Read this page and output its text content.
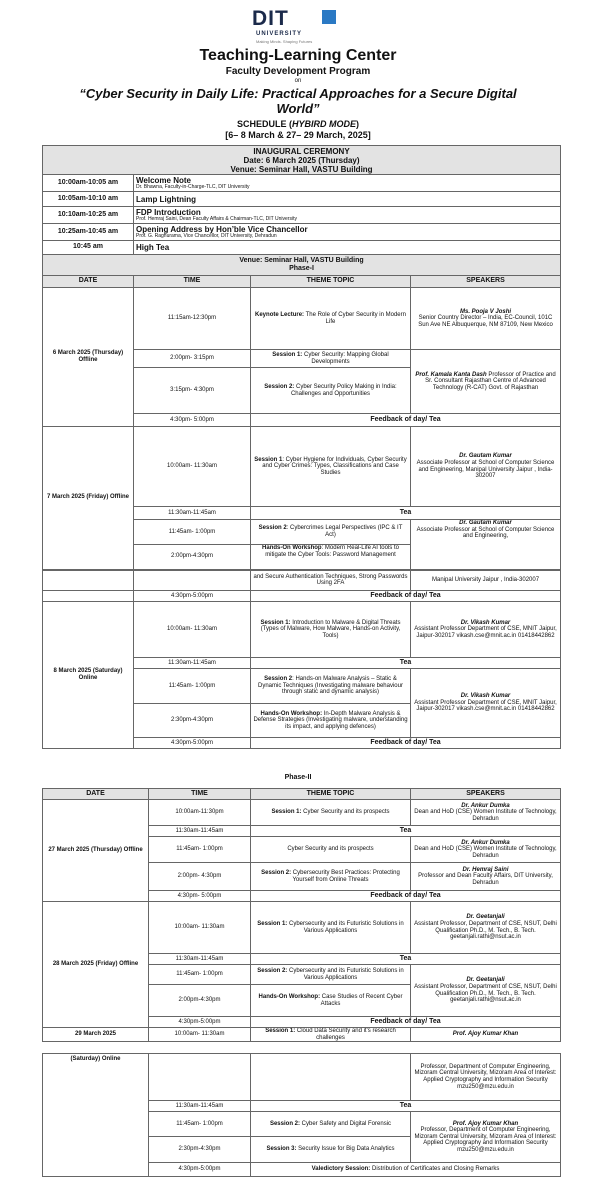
DIT
UNIVERSITY
Making Minds. Shaping Futures
Teaching-Learning Center
Faculty Development Program
on
“Cyber Security in Daily Life: Practical Approaches for a Secure Digital World”
SCHEDULE (HYBIRD MODE)
[6– 8 March & 27– 29 March, 2025]
INAUGURAL CEREMONY
Date: 6 March 2025 (Thursday)
Venue: Seminar Hall, VASTU Building			

10:00am-10:05 am	Welcome Note
Dr. Bhawna, Faculty-in-Charge-TLC, DIT University		

10:05am-10:10 am	Lamp Lightning		

10:10am-10:25 am	FDP Introduction
Prof. Hemraj Saini, Dean Faculty Affairs & Chairman-TLC, DIT University		

10:25am-10:45 am	Opening Address by Hon’ble Vice Chancellor
Prof. G. Raghurama, Vice Chancellor, DIT University, Dehradun		

10:45 am	High Tea		

Venue: Seminar Hall, VASTU Building
Phase-I			

DATE	TIME	THEME TOPIC	SPEAKERS
6 March 2025 (Thursday) Offline	11:15am-12:30pm	Keynote Lecture: The Role of Cyber Security in Modern Life	Ms. Pooja V Joshi
Senior Country Director – India, EC-Council, 101C Sun Ave NE Albuquerque, NM 87109, New Mexico

	2:00pm- 3:15pm	Session 1: Cyber Security: Mapping Global Developments	Prof. Kamala Kanta Dash Professor of Practice and Sr. Consultant Rajasthan Centre of Advanced Technology (R-CAT) Govt. of Rajasthan
	3:15pm- 4:30pm	Session 2: Cyber Security Policy Making in India: Challenges and Opportunities	
	4:30pm- 5:00pm	Feedback of day/ Tea	
7 March 2025 (Friday) Offline	10:00am- 11:30am	Session 1: Cyber Hygiene for Individuals, Cyber Security and Cyber Crimes: Types, Classifications and Case Studies	Dr. Gautam Kumar
Associate Professor at School of Computer Science and Engineering, Manipal University Jaipur , India-302007

	11:30am-11:45am	Tea	
	11:45am- 1:00pm	Session 2: Cybercrimes Legal Perspectives (IPC & IT Act)	Dr. Gautam Kumar
Associate Professor at School of Computer Science and Engineering,

	2:00pm-4:30pm	Hands-On Workshop: Modern Real-Life AI tools to mitigate the Cyber Tools: Password Management	
		and Secure Authentication Techniques, Strong Passwords Using 2FA	Manipal University Jaipur , India-302007
	4:30pm-5:00pm	Feedback of day/ Tea	
8 March 2025 (Saturday) Online	10:00am- 11:30am	Session 1: Introduction to Malware & Digital Threats (Types of Malware, How Malware, Hands-on Activity, Tools)	Dr. Vikash Kumar
Assistant Professor Department of CSE, MNIT Jaipur, Jaipur-302017 vikash.cse@mnit.ac.in 01418442862

	11:30am-11:45am	Tea	
	11:45am- 1:00pm	Session 2: Hands-on Malware Analysis – Static & Dynamic Techniques (Investigating malware behaviour through static and dynamic analysis)	Dr. Vikash Kumar
Assistant Professor Department of CSE, MNIT Jaipur, Jaipur-302017 vikash.cse@mnit.ac.in 01418442862

	2:30pm-4:30pm	Hands-On Workshop: In-Depth Malware Analysis & Defense Strategies (Investigating malware, understanding its impact, and applying defences)	
	4:30pm-5:00pm	Feedback of day/ Tea	
Phase-II
DATE	TIME	THEME TOPIC	SPEAKERS
27 March 2025 (Thursday) Offline	10:00am-11:30pm	Session 1: Cyber Security and its prospects	Dr. Ankur Dumka
Dean and HoD (CSE) Women Institute of Technology, Dehradun

	11:30am-11:45am	Tea	
	11:45am- 1:00pm	Cyber Security and its prospects	Dr. Ankur Dumka
Dean and HoD (CSE) Women Institute of Technology, Dehradun

	2:00pm- 4:30pm	Session 2: Cybersecurity Best Practices: Protecting Yourself from Online Threats	Dr. Hemraj Saini
Professor and Dean Faculty Affairs, DIT University, Dehradun

	4:30pm- 5:00pm	Feedback of day/ Tea	
28 March 2025 (Friday) Offline	10:00am- 11:30am	Session 1: Cybersecurity and its Futuristic Solutions in Various Applications	Dr. Geetanjali
Assistant Professor, Department of CSE, NSUT, Delhi Qualification Ph.D., M. Tech., B. Tech. geetanjali.rathi@nsut.ac.in

	11:30am-11:45am	Tea	
	11:45am- 1:00pm	Session 2: Cybersecurity and its Futuristic Solutions in Various Applications	Dr. Geetanjali
Assistant Professor, Department of CSE, NSUT, Delhi Qualification Ph.D., M. Tech., B. Tech. geetanjali.rathi@nsut.ac.in

	2:00pm-4:30pm	Hands-On Workshop: Case Studies of Recent Cyber Attacks	
	4:30pm-5:00pm	Feedback of day/ Tea	
29 March 2025	10:00am- 11:30am	Session 1: Cloud Data Security and it’s research challenges	Prof. Ajoy Kumar Khan
(Saturday) Online			Professor, Department of Computer Engineering, Mizoram Central University, Mizoram Area of Interest: Applied Cryptography and Information Security mzu250@mzu.edu.in
	11:30am-11:45am	Tea	
	11:45am- 1:00pm	Session 2: Cyber Safety and Digital Forensic	Prof. Ajoy Kumar Khan
Professor, Department of Computer Engineering, Mizoram Central University, Mizoram Area of Interest: Applied Cryptography and Information Security mzu250@mzu.edu.in

	2:30pm-4:30pm	Session 3: Security Issue for Big Data Analytics	
	4:30pm-5:00pm	Valedictory Session: Distribution of Certificates and Closing Remarks	
